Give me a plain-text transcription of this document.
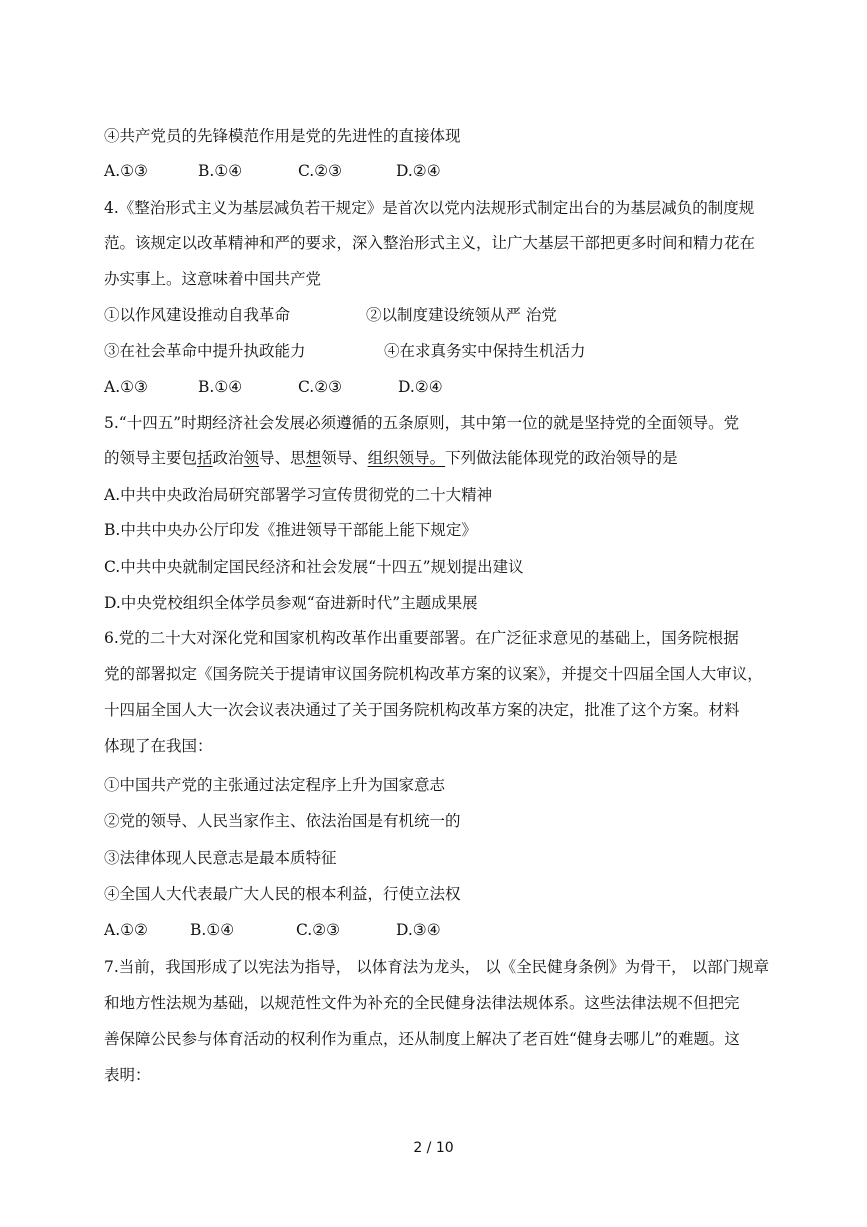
④共产党员的先锋模范作用是党的先进性的直接体现
A.①③	B.①④	C.②③	D.②④
4.《整治形式主义为基层减负若干规定》是首次以党内法规形式制定出台的为基层减负的制度规
范。该规定以改革精神和严的要求，深入整治形式主义，让广大基层干部把更多时间和精力花在
办实事上。这意味着中国共产党
①以作风建设推动自我革命	②以制度建设统领从严 治党
③在社会革命中提升执政能力	④在求真务实中保持生机活力
A.①③	B.①④	C.②③	D.②④
5.“十四五”时期经济社会发展必须遵循的五条原则，其中第一位的就是坚持党的全面领导。党
的领导主要包括政治领导、思想领导、组织领导。下列做法能体现党的政治领导的是
A.中共中央政治局研究部署学习宣传贯彻党的二十大精神
B.中共中央办公厅印发《推进领导干部能上能下规定》
C.中共中央就制定国民经济和社会发展“十四五”规划提出建议
D.中央党校组织全体学员参观“奋进新时代”主题成果展
6.党的二十大对深化党和国家机构改革作出重要部署。在广泛征求意见的基础上，国务院根据
党的部署拟定《国务院关于提请审议国务院机构改革方案的议案》，并提交十四届全国人大审议，
十四届全国人大一次会议表决通过了关于国务院机构改革方案的决定，批准了这个方案。材料
体现了在我国：
①中国共产党的主张通过法定程序上升为国家意志
②党的领导、人民当家作主、依法治国是有机统一的
③法律体现人民意志是最本质特征
④全国人大代表最广大人民的根本利益，行使立法权
A.①②	B.①④	C.②③	D.③④
7.当前，我国形成了以宪法为指导， 以体育法为龙头， 以《全民健身条例》为骨干， 以部门规章
和地方性法规为基础，以规范性文件为补充的全民健身法律法规体系。这些法律法规不但把完
善保障公民参与体育活动的权利作为重点，还从制度上解决了老百姓“健身去哪儿”的难题。这
表明：
2 / 10
